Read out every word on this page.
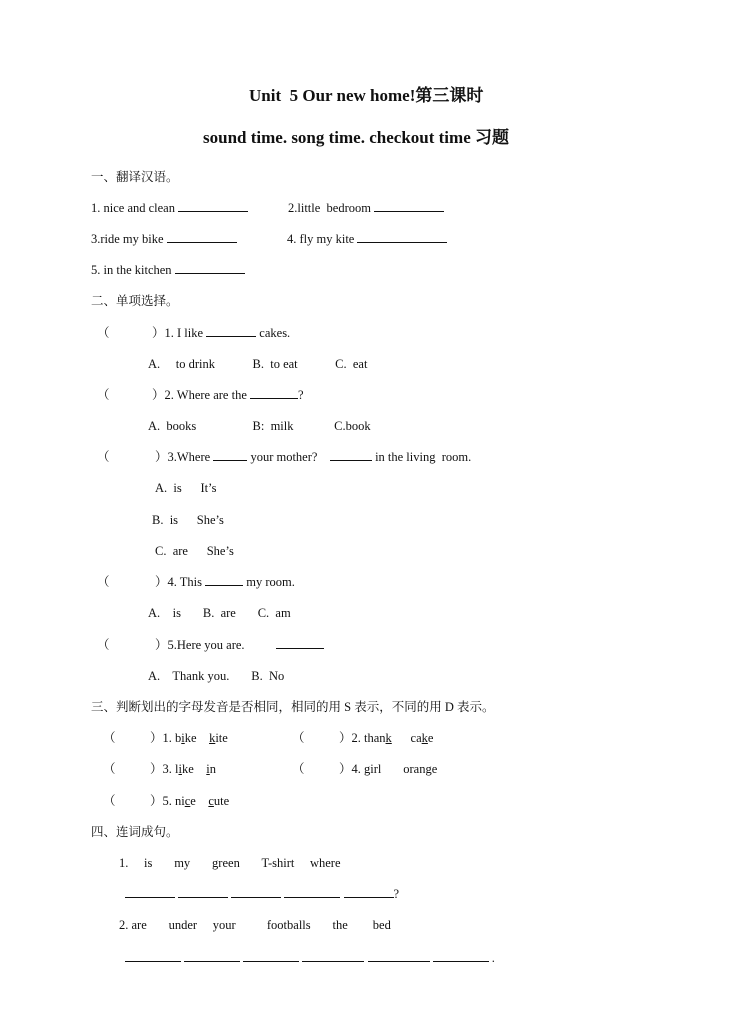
Unit  5 Our new home!第三课时
sound time. song time. checkout time 习题
一、翻译汉语。
1. nice and clean	2.little  bedroom
3.ride my bike	4. fly my kite
5. in the kitchen
二、单项选择。
（	）1. I like	cakes.
A.     to drink            B.  to eat            C.  eat
（	）2. Where are the	?
A.  books                  B:  milk             C.book
（	）3.Where	your mother?	in the living  room.
A.  is      It’s
B.  is      She’s
C.  are      She’s
（	）4. This	my room.
A.    is       B.  are       C.  am
（	）5.Here you are.
A.    Thank you.       B.  No
三、判断划出的字母发音是否相同，相同的用 S 表示，不同的用 D 表示。
（	）1. bike kite	（	）2. thank cake
（	）3. like in	（	）4. girl orange
（	）5. nice cute
四、连词成句。
1.     is       my       green       T-shirt     where
?
2. are       under     your          footballs       the        bed
.
